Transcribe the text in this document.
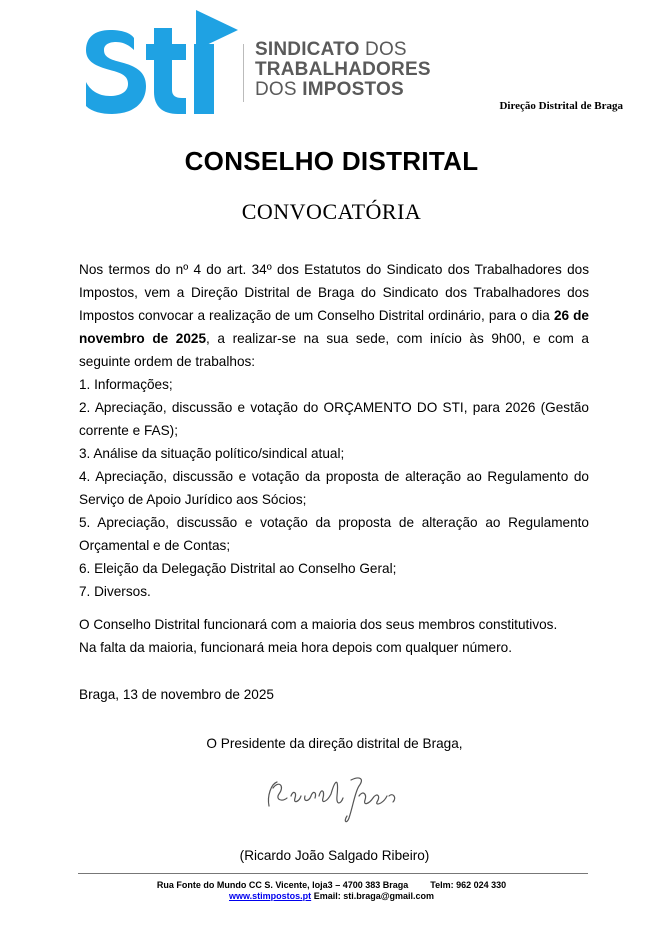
SINDICATO DOS
TRABALHADORES
DOS IMPOSTOS
Direção Distrital de Braga
CONSELHO DISTRITAL
CONVOCATÓRIA
Nos termos do nº 4 do art. 34º dos Estatutos do Sindicato dos Trabalhadores dos Impostos, vem a Direção Distrital de Braga do Sindicato dos Trabalhadores dos Impostos convocar a realização de um Conselho Distrital ordinário, para o dia 26 de novembro de 2025, a realizar-se na sua sede, com início às 9h00, e com a seguinte ordem de trabalhos:
1. Informações;
2. Apreciação, discussão e votação do ORÇAMENTO DO STI, para 2026 (Gestão corrente e FAS);
3. Análise da situação político/sindical atual;
4. Apreciação, discussão e votação da proposta de alteração ao Regulamento do Serviço de Apoio Jurídico aos Sócios;
5. Apreciação, discussão e votação da proposta de alteração ao Regulamento Orçamental e de Contas;
6. Eleição da Delegação Distrital ao Conselho Geral;
7. Diversos.
O Conselho Distrital funcionará com a maioria dos seus membros constitutivos.
Na falta da maioria, funcionará meia hora depois com qualquer número.
Braga, 13 de novembro de 2025
O Presidente da direção distrital de Braga,
(Ricardo João Salgado Ribeiro)
Rua Fonte do Mundo CC S. Vicente, loja3 – 4700 383 Braga Telm: 962 024 330
www.stimpostos.pt Email: sti.braga@gmail.com
